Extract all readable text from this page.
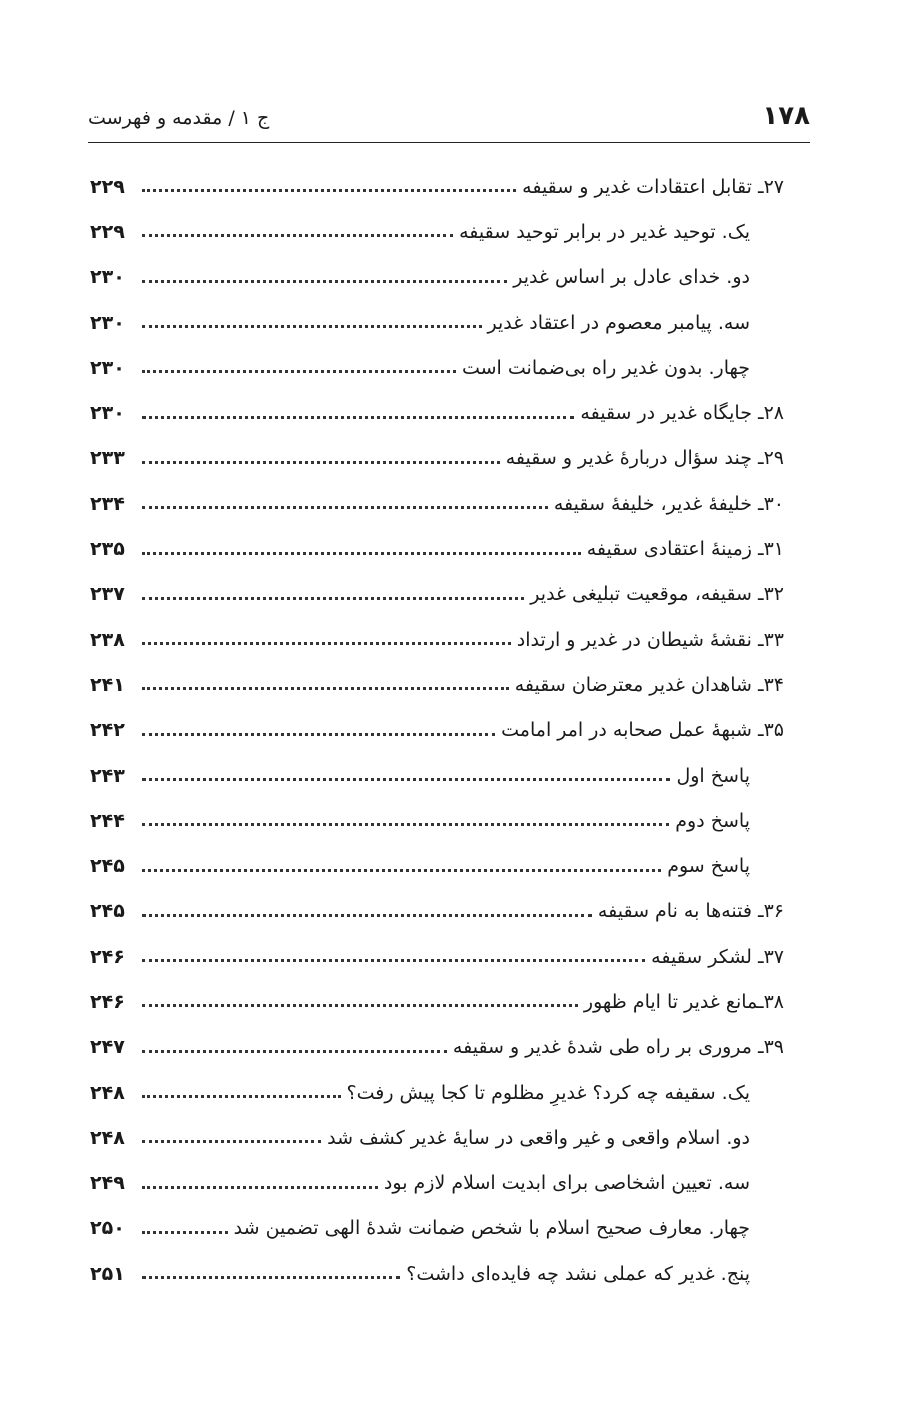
۱۷۸
ج ۱ / مقدمه و فهرست
۲۷ـ تقابل اعتقادات غدیر و سقیفه
۲۲۹
یک. توحید غدیر در برابر توحید سقیفه
۲۲۹
دو. خدای عادل بر اساس غدیر
۲۳۰
سه. پیامبر معصوم در اعتقاد غدیر
۲۳۰
چهار. بدون غدیر راه بی‌ضمانت است
۲۳۰
۲۸ـ جایگاه غدیر در سقیفه
۲۳۰
۲۹ـ چند سؤال دربارهٔ غدیر و سقیفه
۲۳۳
۳۰ـ خلیفهٔ غدیر، خلیفهٔ سقیفه
۲۳۴
۳۱ـ زمینهٔ اعتقادی سقیفه
۲۳۵
۳۲ـ سقیفه، موقعیت تبلیغی غدیر
۲۳۷
۳۳ـ نقشهٔ شیطان در غدیر و ارتداد
۲۳۸
۳۴ـ شاهدان غدیر معترضان سقیفه
۲۴۱
۳۵ـ شبههٔ عمل صحابه در امر امامت
۲۴۲
پاسخ اول
۲۴۳
پاسخ دوم
۲۴۴
پاسخ سوم
۲۴۵
۳۶ـ فتنه‌ها به نام سقیفه
۲۴۵
۳۷ـ لشکر سقیفه
۲۴۶
۳۸ـمانع غدیر تا ایام ظهور
۲۴۶
۳۹ـ مروری بر راه طی شدهٔ غدیر و سقیفه
۲۴۷
یک. سقیفه چه کرد؟ غدیرِ مظلوم تا کجا پیش رفت؟
۲۴۸
دو. اسلام واقعی و غیر واقعی در سایهٔ غدیر کشف شد
۲۴۸
سه. تعیین اشخاصی برای ابدیت اسلام لازم بود
۲۴۹
چهار. معارف صحیح اسلام با شخص ضمانت شدهٔ الهی تضمین شد
۲۵۰
پنج. غدیر که عملی نشد چه فایده‌ای داشت؟
۲۵۱
